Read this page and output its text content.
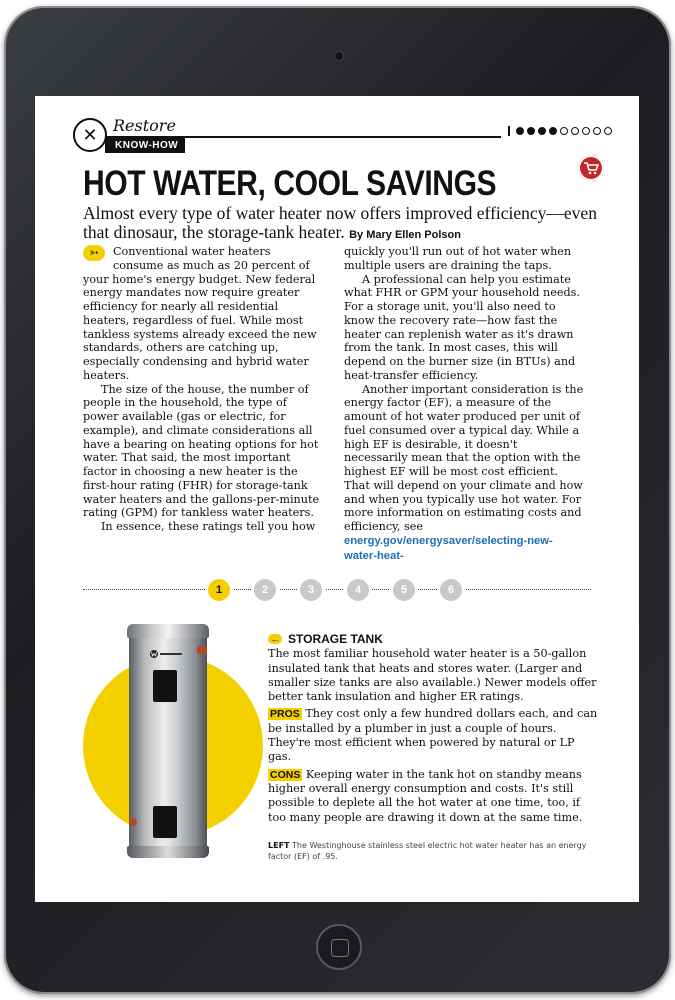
✕ Restore
KNOW-HOW
HOT WATER, COOL SAVINGS
Almost every type of water heater now offers improved efficiency—even that dinosaur, the storage-tank heater. By Mary Ellen Polson

➳	Conventional water heaters consume as much as 20 percent of your home's energy budget. New federal energy mandates now require greater efficiency for nearly all residential heaters, regardless of fuel. While most tankless systems already exceed the new standards, others are catching up, especially condensing and hybrid water heaters.

The size of the house, the number of people in the household, the type of power available (gas or electric, for example), and climate considerations all have a bearing on heating options for hot water. That said, the most important factor in choosing a new heater is the first-hour rating (FHR) for storage-tank water heaters and the gallons-per-minute rating (GPM) for tankless water heaters.

In essence, these ratings tell you how

quickly you'll run out of hot water when multiple users are draining the taps.

A professional can help you estimate what FHR or GPM your household needs. For a storage unit, you'll also need to know the recovery rate—how fast the heater can replenish water as it's drawn from the tank. In most cases, this will depend on the burner size (in BTUs) and heat-transfer efficiency.

Another important consideration is the energy factor (EF), a measure of the amount of hot water produced per unit of fuel consumed over a typical day. While a high EF is desirable, it doesn't necessarily mean that the option with the highest EF will be most cost efficient. That will depend on your climate and how and when you typically use hot water. For more information on estimating costs and efficiency, see energy.gov/energysaver/selecting-new-water-heat-

1	2	3	4	5	6
← STORAGE TANK

The most familiar household water heater is a 50-gallon insulated tank that heats and stores water. (Larger and smaller size tanks are also available.) Newer models offer better tank insulation and higher ER ratings.

PROS They cost only a few hundred dollars each, and can be installed by a plumber in just a couple of hours. They're most efficient when powered by natural or LP gas.

CONS Keeping water in the tank hot on standby means higher overall energy consumption and costs. It's still possible to deplete all the hot water at one time, too, if too many people are drawing it down at the same time.

LEFT The Westinghouse stainless steel electric hot water heater has an energy factor (EF) of .95.
